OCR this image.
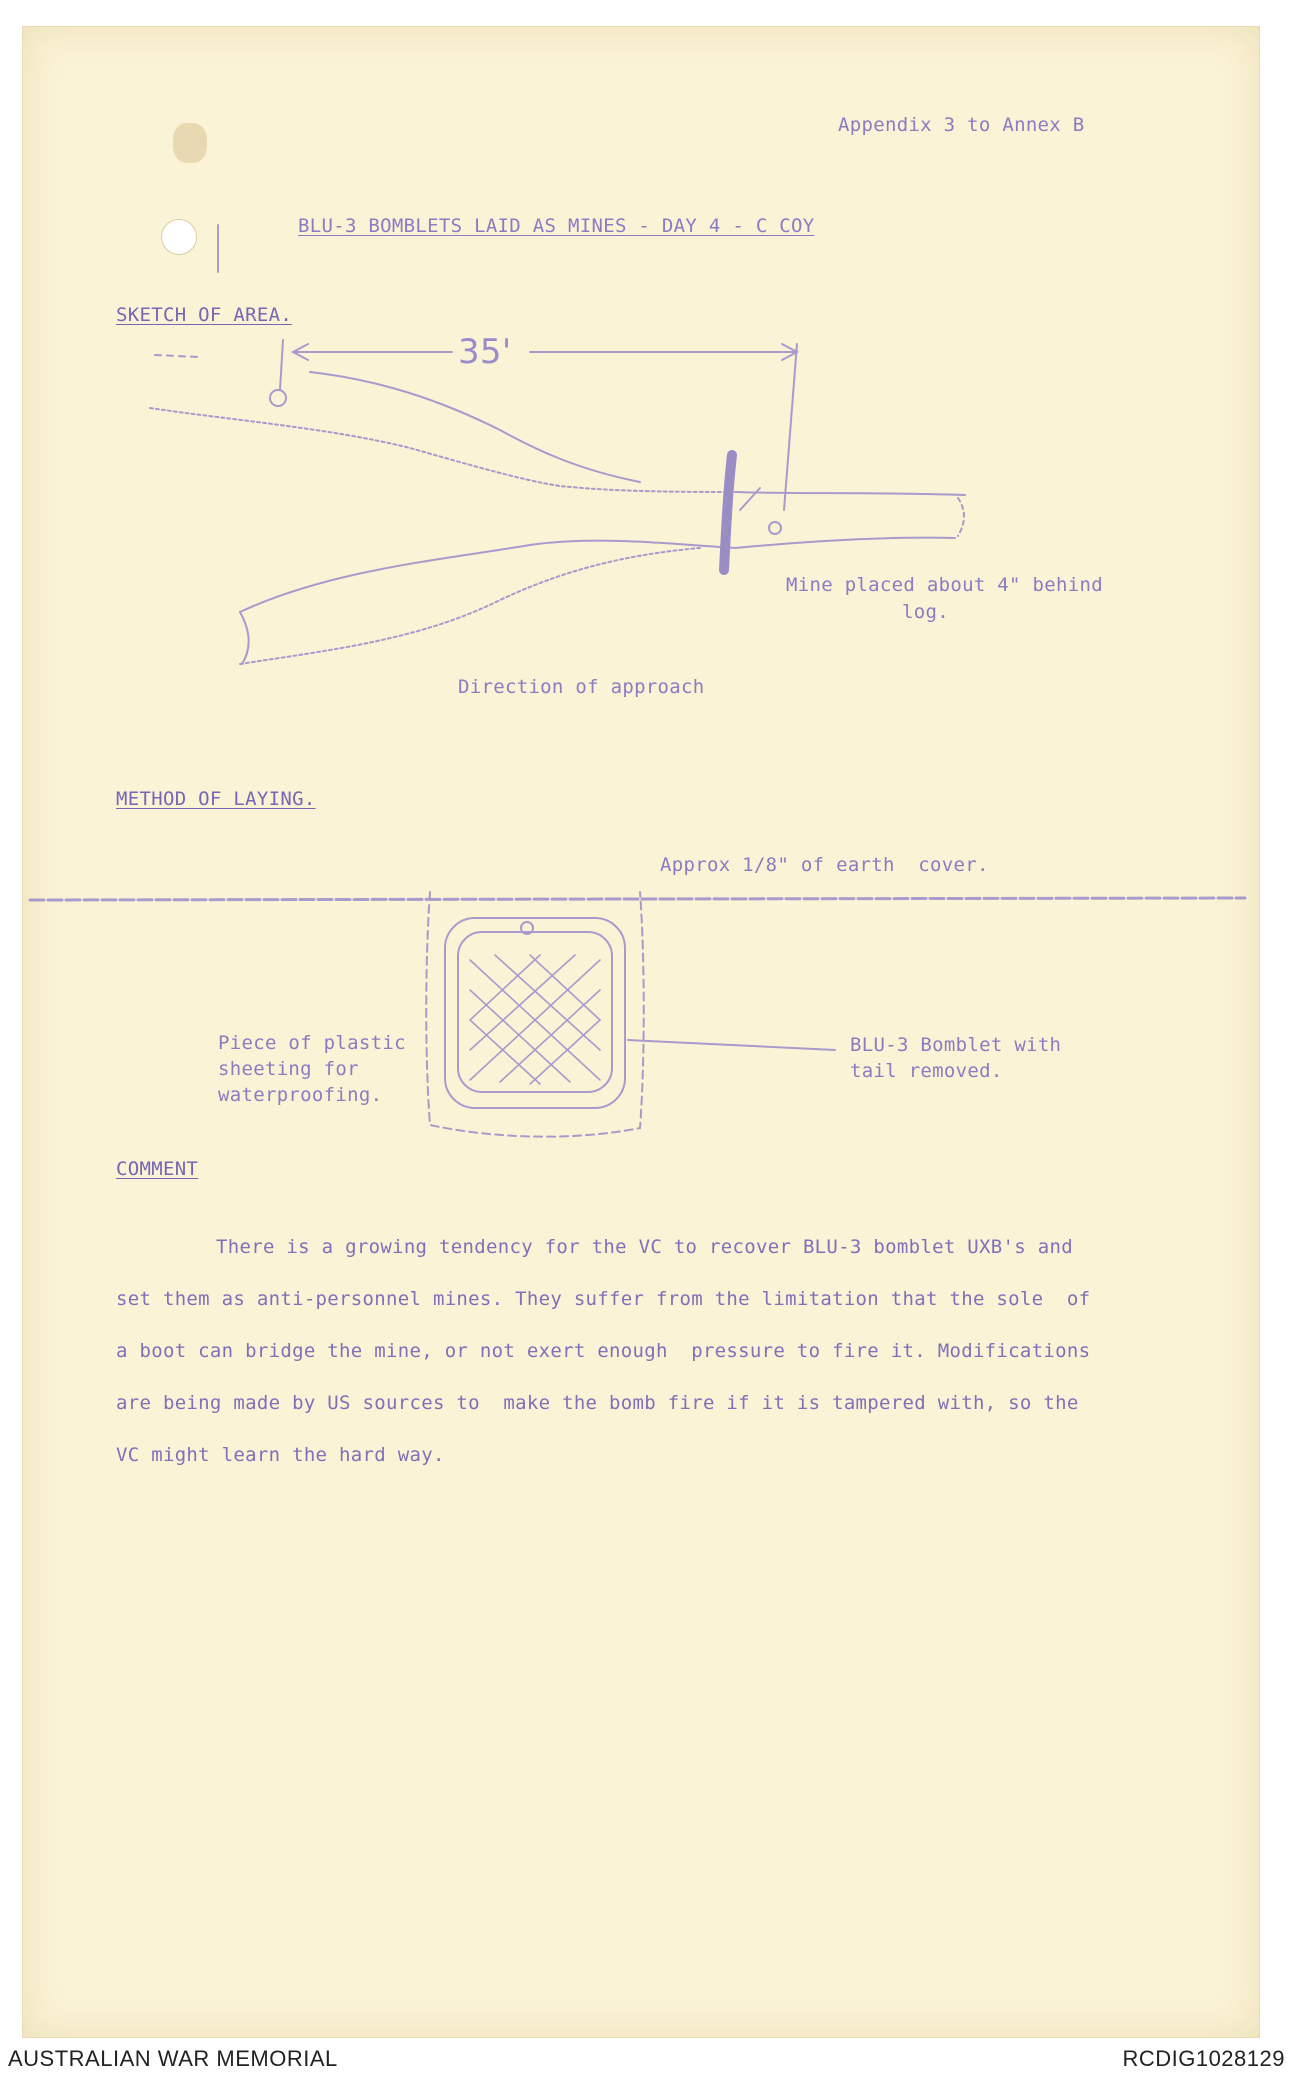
Appendix 3 to Annex B
BLU-3 BOMBLETS LAID AS MINES - DAY 4 - C COY
SKETCH OF AREA.
35'
Mine placed about 4" behind
log.
Direction of approach
METHOD OF LAYING.
Approx 1/8" of earth  cover.
Piece of plastic
sheeting for
waterproofing.
BLU-3 Bomblet with
tail removed.
COMMENT

There is a growing tendency for the VC to recover BLU-3 bomblet UXB's and

set them as anti-personnel mines. They suffer from the limitation that the sole  of

a boot can bridge the mine, or not exert enough  pressure to fire it. Modifications

are being made by US sources to  make the bomb fire if it is tampered with, so the

VC might learn the hard way.

AUSTRALIAN WAR MEMORIAL	RCDIG1028129
